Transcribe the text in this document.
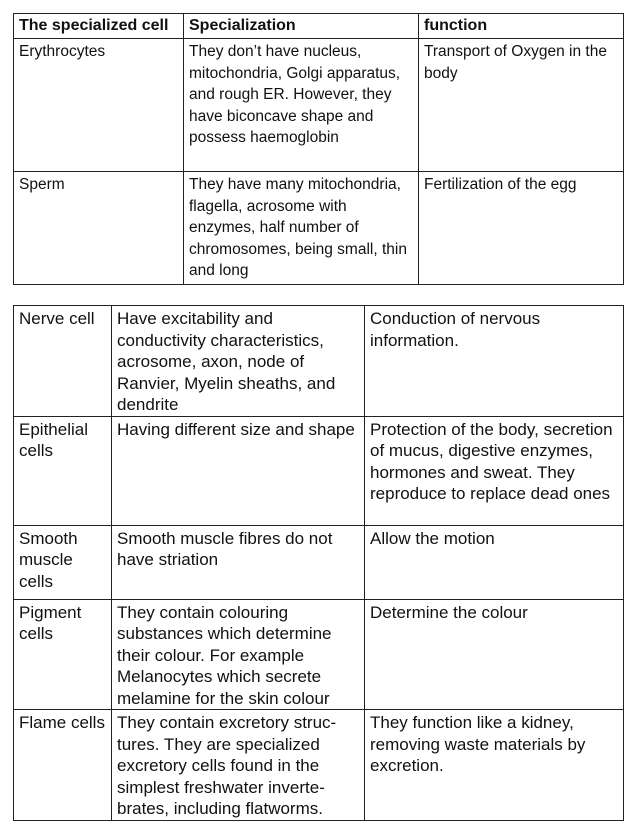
The specialized cell	Specialization	function
Erythrocytes	They don’t have nucleus, mitochondria, Golgi apparatus, and rough ER. However, they have biconcave shape and possess haemoglobin	Transport of Oxygen in the body
Sperm	They have many mitochondria, flagella, acrosome with enzymes, half number of chromosomes, being small, thin and long	Fertilization of the egg
Nerve cell	Have excitability and conductivity characteristics, acrosome, axon, node of Ranvier, Myelin sheaths, and dendrite	Conduction of nervous information.
Epithelial cells	Having different size and shape	Protection of the body, secretion of mucus, digestive enzymes, hormones and sweat. They reproduce to replace dead ones
Smooth muscle cells	Smooth muscle fibres do not have striation	Allow the motion
Pigment cells	They contain colouring substances which determine their colour. For example Melanocytes which secrete melamine for the skin colour	Determine the colour
Flame cells	They contain excretory structures. They are specialized excretory cells found in the simplest freshwater invertebrates, including flatworms.	They function like a kidney, removing waste materials by excretion.
